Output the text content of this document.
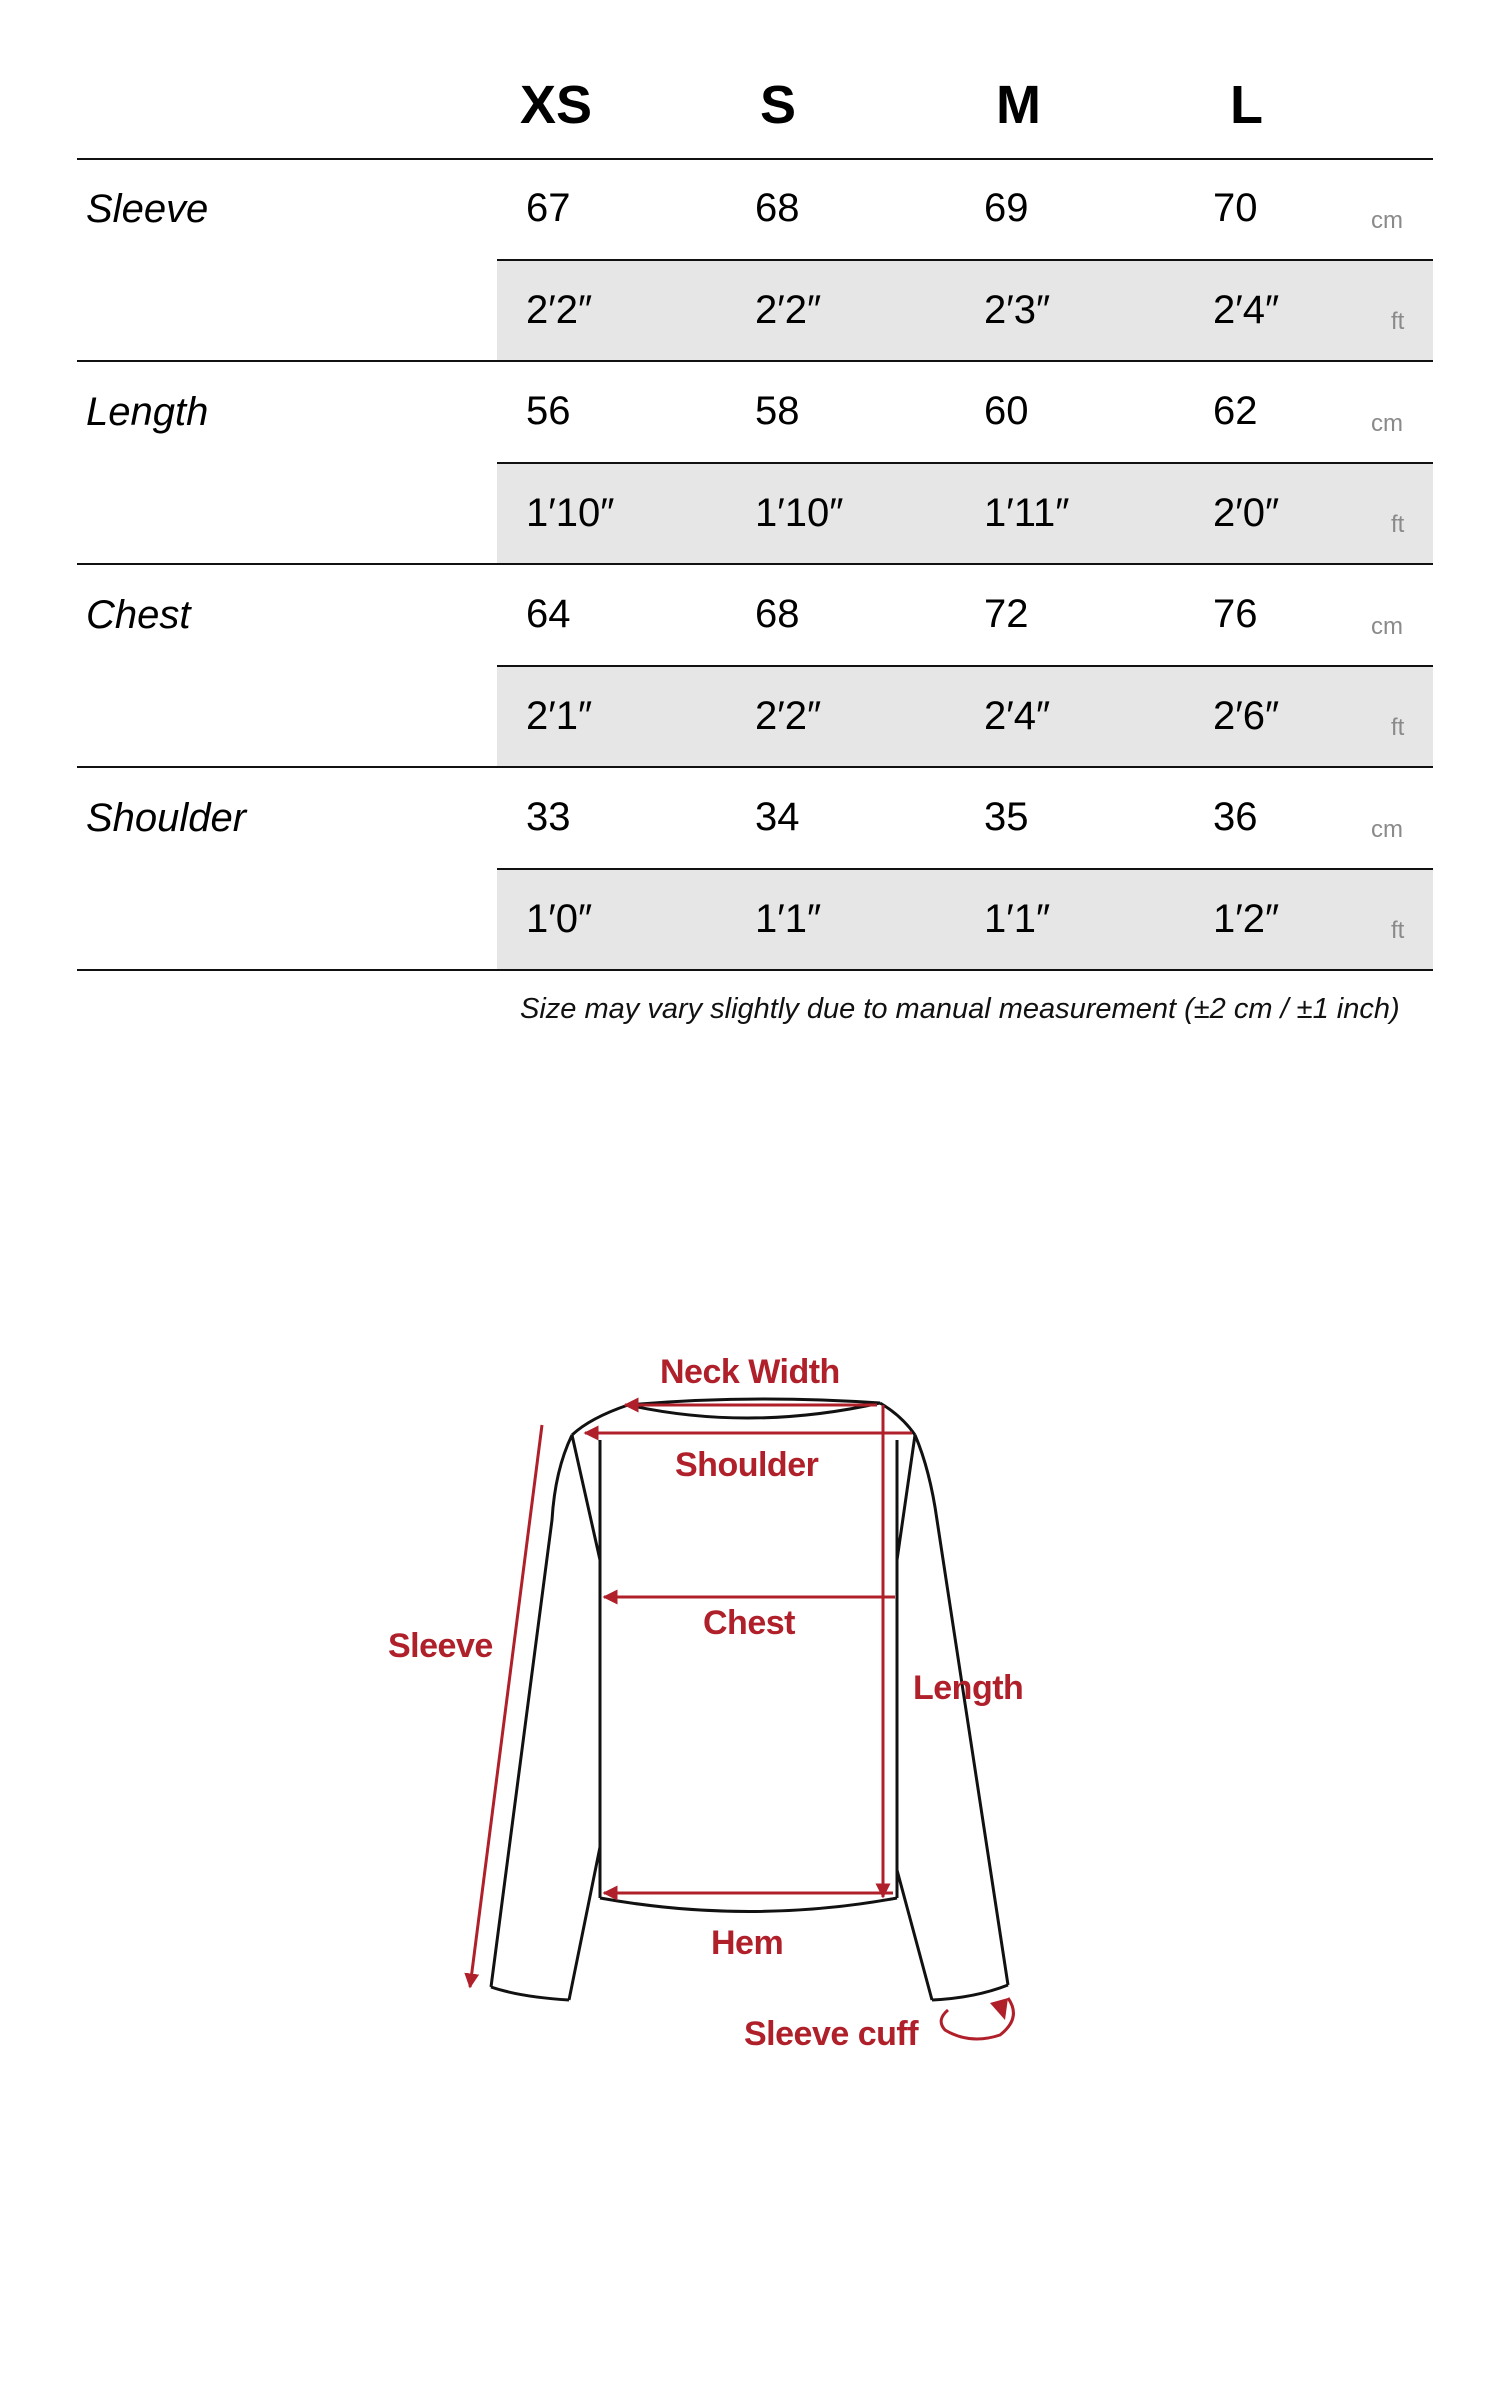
XS	S	M	L
Sleeve	67	68	69	70	cm
2′2″	2′2″	2′3″	2′4″	ft
Length	56	58	60	62	cm
1′10″	1′10″	1′11″	2′0″	ft
Chest	64	68	72	76	cm
2′1″	2′2″	2′4″	2′6″	ft
Shoulder	33	34	35	36	cm
1′0″	1′1″	1′1″	1′2″	ft
Size may vary slightly due to manual measurement (±2 cm / ±1 inch)
Neck Width
Shoulder
Chest
Sleeve
Length
Hem
Sleeve cuff
